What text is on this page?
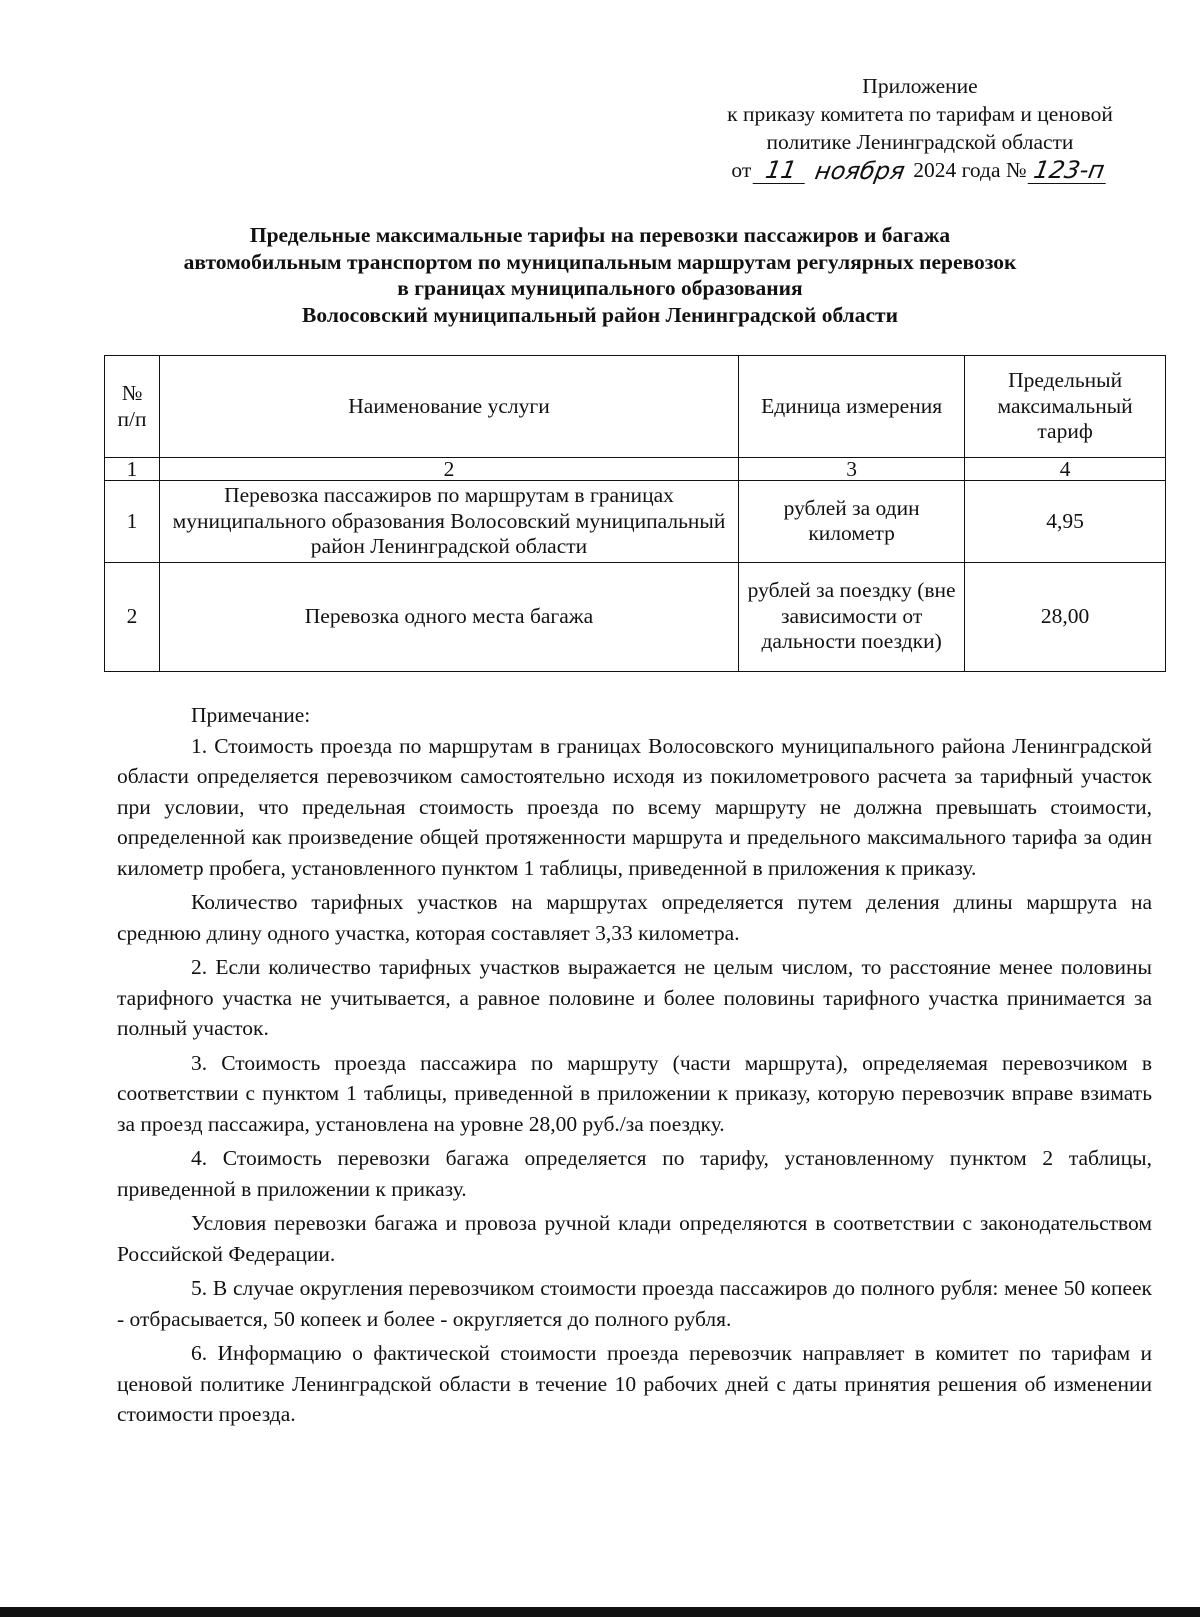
Приложение
к приказу комитета по тарифам и ценовой
политике Ленинградской области
от 11 ноября 2024 года № 123-п
Предельные максимальные тарифы на перевозки пассажиров и багажа
автомобильным транспортом по муниципальным маршрутам регулярных перевозок
в границах муниципального образования
Волосовский муниципальный район Ленинградской области
№ п/п	Наименование услуги	Единица измерения	Предельный максимальный тариф
1	2	3	4
1	Перевозка пассажиров по маршрутам в границах муниципального образования Волосовский муниципальный район Ленинградской области	рублей за один километр	4,95
2	Перевозка одного места багажа	рублей за поездку (вне зависимости от дальности поездки)	28,00
Примечание:

1. Стоимость проезда по маршрутам в границах Волосовского муниципального района Ленинградской области определяется перевозчиком самостоятельно исходя из покилометрового расчета за тарифный участок при условии, что предельная стоимость проезда по всему маршруту не должна превышать стоимости, определенной как произведение общей протяженности маршрута и предельного максимального тарифа за один километр пробега, установленного пунктом 1 таблицы, приведенной в приложения к приказу.

Количество тарифных участков на маршрутах определяется путем деления длины маршрута на среднюю длину одного участка, которая составляет 3,33 километра.

2. Если количество тарифных участков выражается не целым числом, то расстояние менее половины тарифного участка не учитывается, а равное половине и более половины тарифного участка принимается за полный участок.

3. Стоимость проезда пассажира по маршруту (части маршрута), определяемая перевозчиком в соответствии с пунктом 1 таблицы, приведенной в приложении к приказу, которую перевозчик вправе взимать за проезд пассажира, установлена на уровне 28,00 руб./за поездку.

4. Стоимость перевозки багажа определяется по тарифу, установленному пунктом 2 таблицы, приведенной в приложении к приказу.

Условия перевозки багажа и провоза ручной клади определяются в соответствии с законодательством Российской Федерации.

5. В случае округления перевозчиком стоимости проезда пассажиров до полного рубля: менее 50 копеек - отбрасывается, 50 копеек и более - округляется до полного рубля.

6. Информацию о фактической стоимости проезда перевозчик направляет в комитет по тарифам и ценовой политике Ленинградской области в течение 10 рабочих дней с даты принятия решения об изменении стоимости проезда.
